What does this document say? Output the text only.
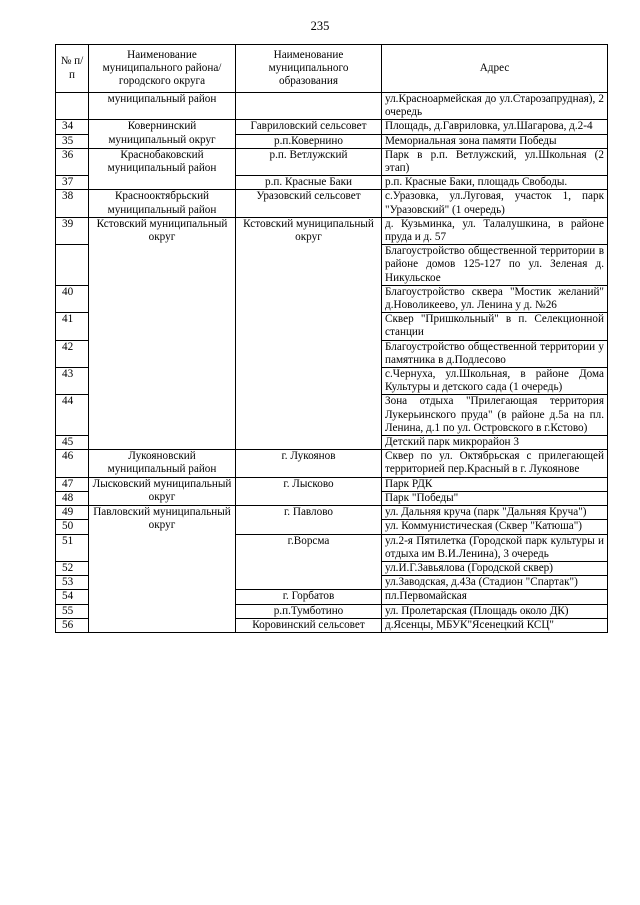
235
№ п/п	Наименование муниципального района/ городского округа	Наименование муниципального образования	Адрес
	муниципальный район		ул.Красноармейская до ул.Старозапрудная), 2 очередь
34	Ковернинский муниципальный округ	Гавриловский сельсовет	Площадь, д.Гавриловка, ул.Шагарова, д.2-4
35		р.п.Ковернино	Мемориальная зона памяти Победы
36	Краснобаковский муниципальный район	р.п. Ветлужский	Парк в р.п. Ветлужский, ул.Школьная (2 этап)
37		р.п. Красные Баки	р.п. Красные Баки, площадь Свободы.
38	Краснооктябрьский муниципальный район	Уразовский сельсовет	с.Уразовка, ул.Луговая, участок 1, парк "Уразовский" (1 очередь)
39	Кстовский муниципальный округ	Кстовский муниципальный округ	д. Кузьминка, ул. Талалушкина, в районе пруда и д. 57
			Благоустройство общественной территории в районе домов 125-127 по ул. Зеленая д. Никульское
40			Благоустройство сквера "Мостик желаний" д.Новоликеево, ул. Ленина у д. №26
41			Сквер "Пришкольный" в п. Селекционной станции
42			Благоустройство общественной территории у памятника в д.Подлесово
43			с.Чернуха, ул.Школьная, в районе Дома Культуры и детского сада (1 очередь)
44			Зона отдыха "Прилегающая территория Лукерьинского пруда" (в районе д.5а на пл. Ленина, д.1 по ул. Островского в г.Кстово)
45			Детский парк микрорайон 3
46	Лукояновский муниципальный район	г. Лукоянов	Сквер по ул. Октябрьская с прилегающей территорией пер.Красный в г. Лукоянове
47	Лысковский муниципальный округ	г. Лысково	Парк РДК
48			Парк "Победы"
49	Павловский муниципальный округ	г. Павлово	ул. Дальняя круча (парк "Дальняя Круча")
50			ул. Коммунистическая (Сквер "Катюша")
51		г.Ворсма	ул.2-я Пятилетка (Городской парк культуры и отдыха им В.И.Ленина), 3 очередь
52			ул.И.Г.Завьялова (Городской сквер)
53			ул.Заводская, д.43а (Стадион "Спартак")
54		г. Горбатов	пл.Первомайская
55		р.п.Тумботино	ул. Пролетарская (Площадь около ДК)
56		Коровинский сельсовет	д.Ясенцы, МБУК"Ясенецкий КСЦ"
